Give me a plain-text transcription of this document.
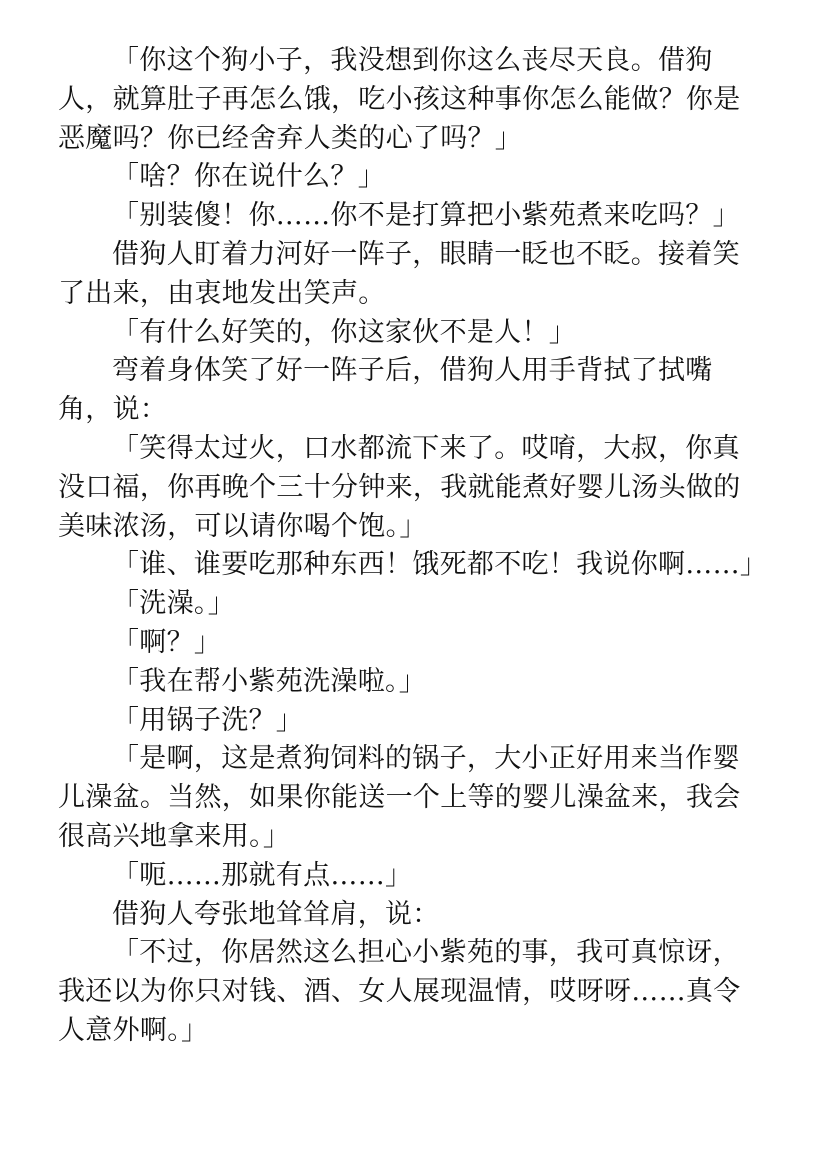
「你这个狗小子，我没想到你这么丧尽天良。借狗人，就算肚子再怎么饿，吃小孩这种事你怎么能做？你是恶魔吗？你已经舍弃人类的心了吗？」

「啥？你在说什么？」

「别装傻！你……你不是打算把小紫苑煮来吃吗？」

借狗人盯着力河好一阵子，眼睛一眨也不眨。接着笑了出来，由衷地发出笑声。

「有什么好笑的，你这家伙不是人！」

弯着身体笑了好一阵子后，借狗人用手背拭了拭嘴角，说：

「笑得太过火，口水都流下来了。哎唷，大叔，你真没口福，你再晚个三十分钟来，我就能煮好婴儿汤头做的美味浓汤，可以请你喝个饱。」

「谁、谁要吃那种东西！饿死都不吃！我说你啊……」

「洗澡。」

「啊？」

「我在帮小紫苑洗澡啦。」

「用锅子洗？」

「是啊，这是煮狗饲料的锅子，大小正好用来当作婴儿澡盆。当然，如果你能送一个上等的婴儿澡盆来，我会很高兴地拿来用。」

「呃……那就有点……」

借狗人夸张地耸耸肩，说：

「不过，你居然这么担心小紫苑的事，我可真惊讶，我还以为你只对钱、酒、女人展现温情，哎呀呀……真令人意外啊。」
